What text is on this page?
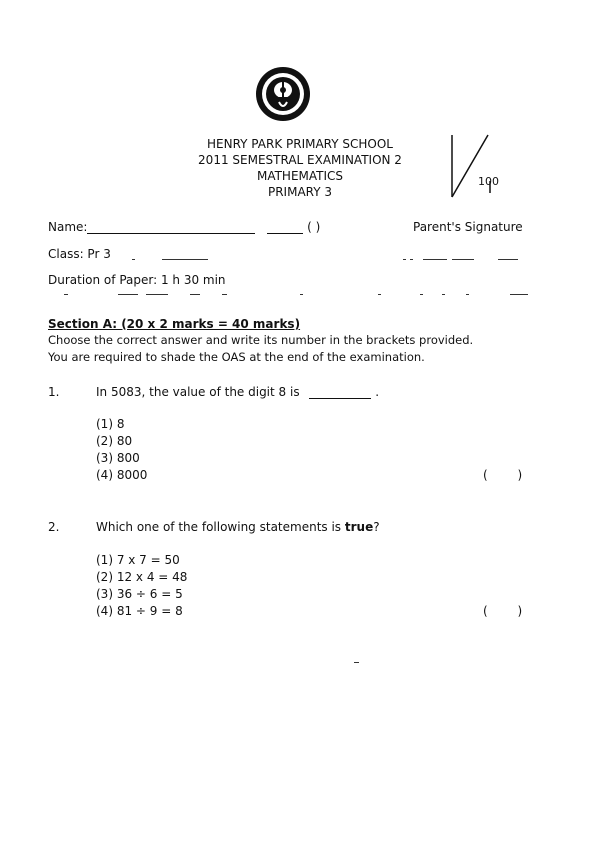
HENRY PARK PRIMARY SCHOOL
2011 SEMESTRAL EXAMINATION 2
MATHEMATICS
PRIMARY 3
100
Name:	( )	Parent's Signature
Class: Pr 3
Duration of Paper: 1 h 30 min
Section A: (20 x 2 marks = 40 marks)
Choose the correct answer and write its number in the brackets provided.
You are required to shade the OAS at the end of the examination.
1.	In 5083, the value of the digit 8 is	.
(1) 8
(2) 80
(3) 800
(4) 8000	( )
2.	Which one of the following statements is true?
(1) 7 x 7 = 50
(2) 12 x 4 = 48
(3) 36 ÷ 6 = 5
(4) 81 ÷ 9 = 8	( )
